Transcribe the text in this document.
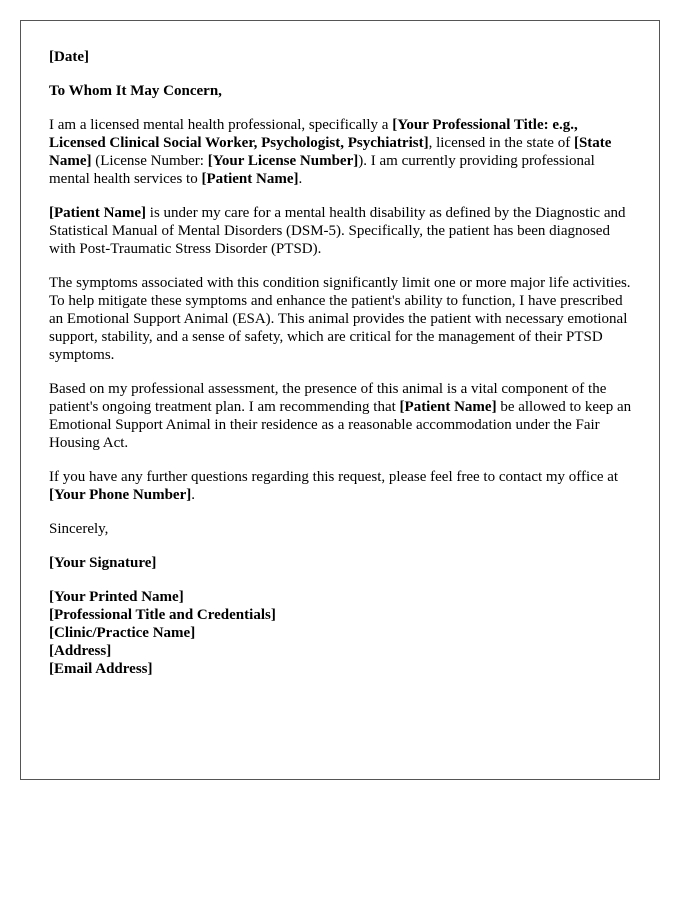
[Date]

To Whom It May Concern,

I am a licensed mental health professional, specifically a [Your Professional Title: e.g., Licensed Clinical Social Worker, Psychologist, Psychiatrist], licensed in the state of [State Name] (License Number: [Your License Number]). I am currently providing professional mental health services to [Patient Name].

[Patient Name] is under my care for a mental health disability as defined by the Diagnostic and Statistical Manual of Mental Disorders (DSM-5). Specifically, the patient has been diagnosed with Post-Traumatic Stress Disorder (PTSD).

The symptoms associated with this condition significantly limit one or more major life activities. To help mitigate these symptoms and enhance the patient's ability to function, I have prescribed an Emotional Support Animal (ESA). This animal provides the patient with necessary emotional support, stability, and a sense of safety, which are critical for the management of their PTSD symptoms.

Based on my professional assessment, the presence of this animal is a vital component of the patient's ongoing treatment plan. I am recommending that [Patient Name] be allowed to keep an Emotional Support Animal in their residence as a reasonable accommodation under the Fair Housing Act.

If you have any further questions regarding this request, please feel free to contact my office at [Your Phone Number].

Sincerely,

[Your Signature]

[Your Printed Name]
[Professional Title and Credentials]
[Clinic/Practice Name]
[Address]
[Email Address]
